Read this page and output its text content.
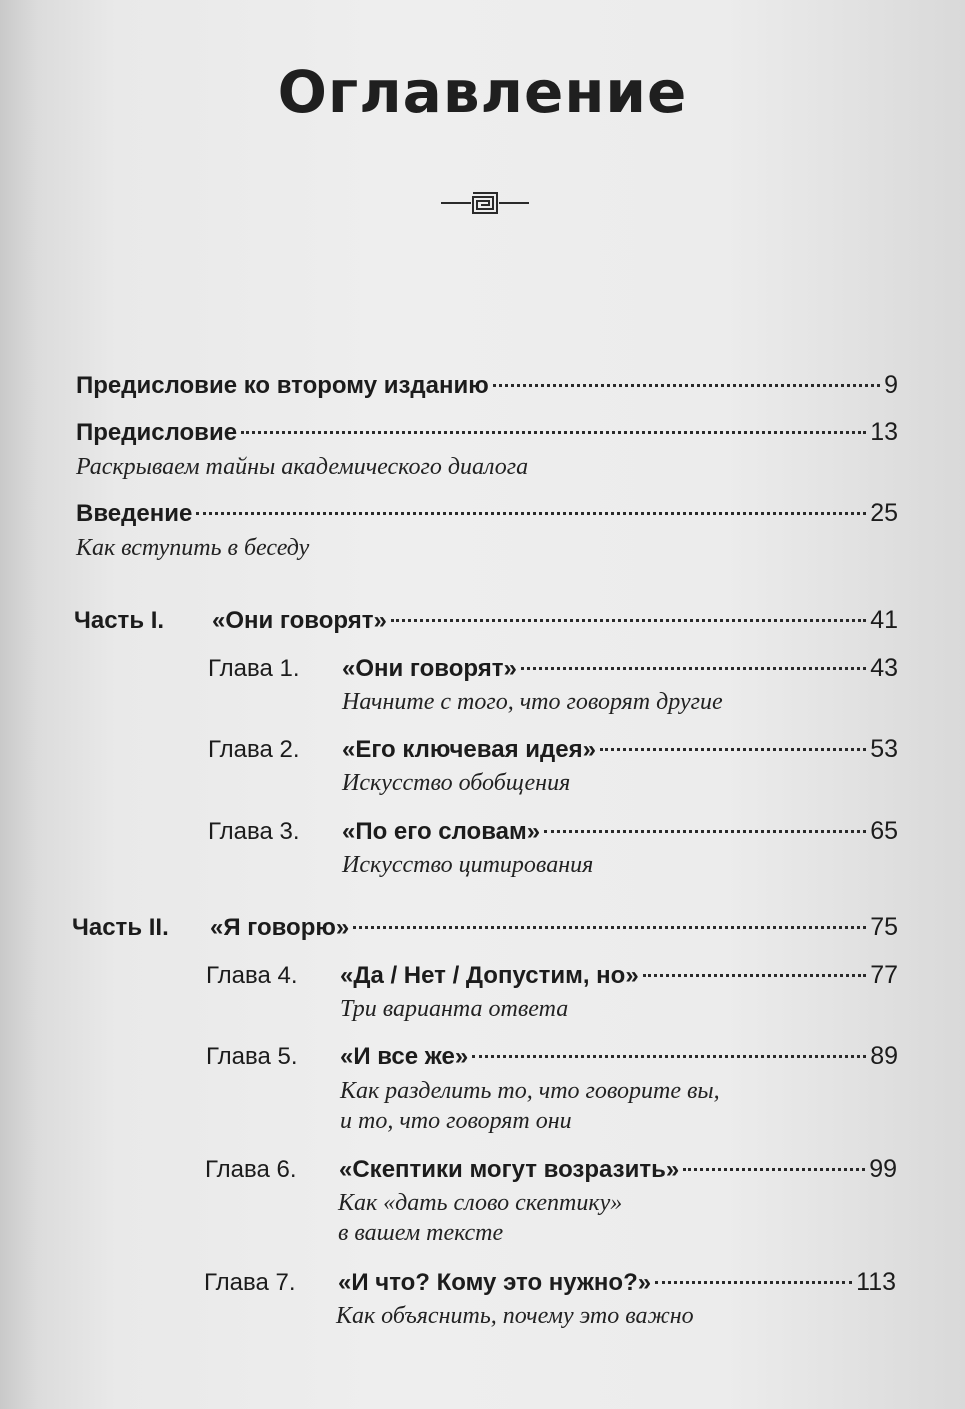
Оглавление
Предисловие ко второму изданию	9
Предисловие	13
Раскрываем тайны академического диалога
Введение	25
Как вступить в беседу
Часть I.	«Они говорят»	41
Глава 1.	«Они говорят»	43
Начните с того, что говорят другие
Глава 2.	«Его ключевая идея»	53
Искусство обобщения
Глава 3.	«По его словам»	65
Искусство цитирования
Часть II.	«Я говорю»	75
Глава 4.	«Да / Нет / Допустим, но»	77
Три варианта ответа
Глава 5.	«И все же»	89
Как разделить то, что говорите вы,
и то, что говорят они
Глава 6.	«Скептики могут возразить»	99
Как «дать слово скептику»
в вашем тексте
Глава 7.	«И что? Кому это нужно?»	113
Как объяснить, почему это важно
